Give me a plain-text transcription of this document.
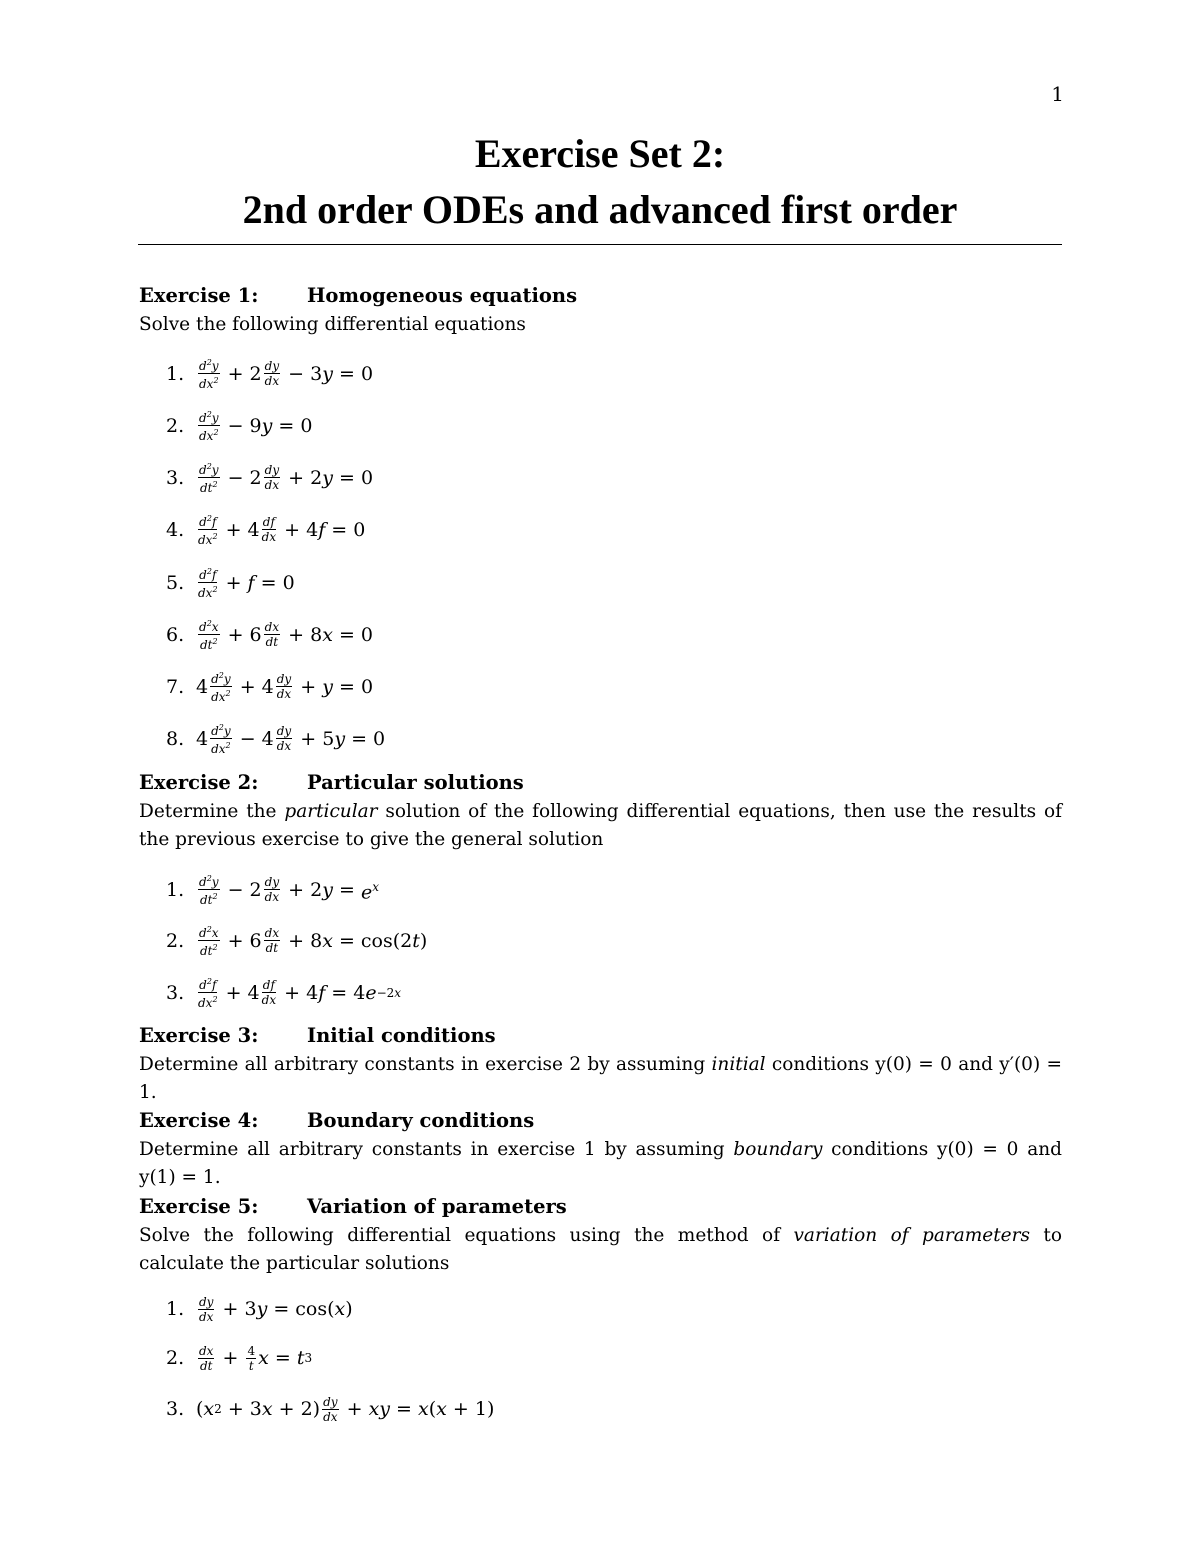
1
Exercise Set 2:
2nd order ODEs and advanced first order
Exercise 1: Homogeneous equations
Solve the following differential equations
1.	$\frac{d^2y}{dx^2} + 2 \frac{dy}{dx} - 3$ y = 0
2.	$\frac{d^2y}{dx^2} - 9$ y = 0
3.	$\frac{d^2y}{dt^2} - 2 \frac{dy}{dx} + 2$ y = 0
4.	$\frac{d^2f}{dx^2} + 4 \frac{df}{dx} + 4$ f = 0
5.	$\frac{d^2f}{dx^2} + f = 0$
6.	$\frac{d^2x}{dt^2} + 6 \frac{dx}{dt} + 8$ x = 0
7. $4 \frac{d^2y}{dx^2} + 4 \frac{dy}{dx} + y = 0$
8. $4 \frac{d^2y}{dx^2} - 4 \frac{dy}{dx} + 5$ y = 0
Exercise 2: Particular solutions
Determine the particular solution of the following differential equations, then use the results of the previous exercise to give the general solution
1.	$\frac{d^2y}{dt^2} - 2 \frac{dy}{dx} + 2$ $y = e^x$
2.	$\frac{d^2x}{dt^2} + 6 \frac{dx}{dt} + 8$ x = cos(2 t )
3.	$\frac{d^2f}{dx^2} + 4 \frac{df}{dx} + 4$ f = 4 e −2x
Exercise 3: Initial conditions
Determine all arbitrary constants in exercise 2 by assuming initial conditions y(0) = 0 and y′(0) = 1.
Exercise 4: Boundary conditions
Determine all arbitrary constants in exercise 1 by assuming boundary conditions y(0) = 0 and y(1) = 1.
Exercise 5: Variation of parameters
Solve the following differential equations using the method of variation of parameters to calculate the particular solutions
1.	$\frac{dy}{dx} + 3$ y = cos( x )
2.	$\frac{dx}{dt} + \frac{4}{t}$ x = t 3
3. ( x 2 + 3 $x + 2) \frac{dy}{dx}$ + xy = x ( x + 1)
